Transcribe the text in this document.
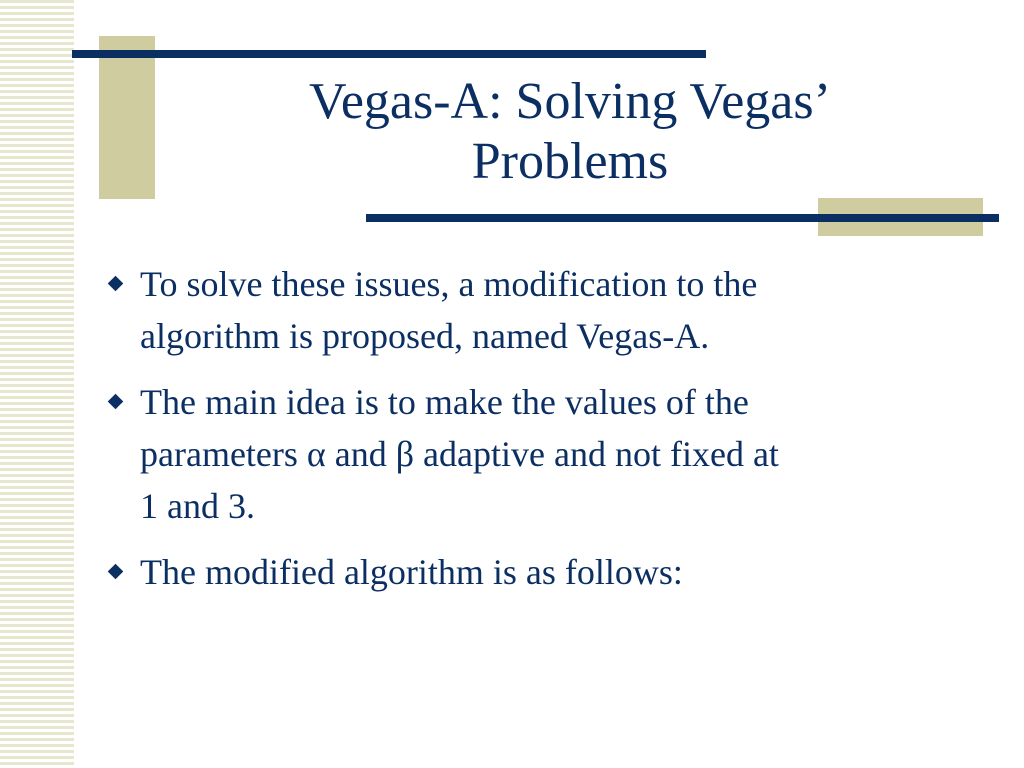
Vegas-A: Solving Vegas’
Problems
To solve these issues, a modification to the
algorithm is proposed, named Vegas-A.
The main idea is to make the values of the
parameters α and β adaptive and not fixed at
1 and 3.
The modified algorithm is as follows:
